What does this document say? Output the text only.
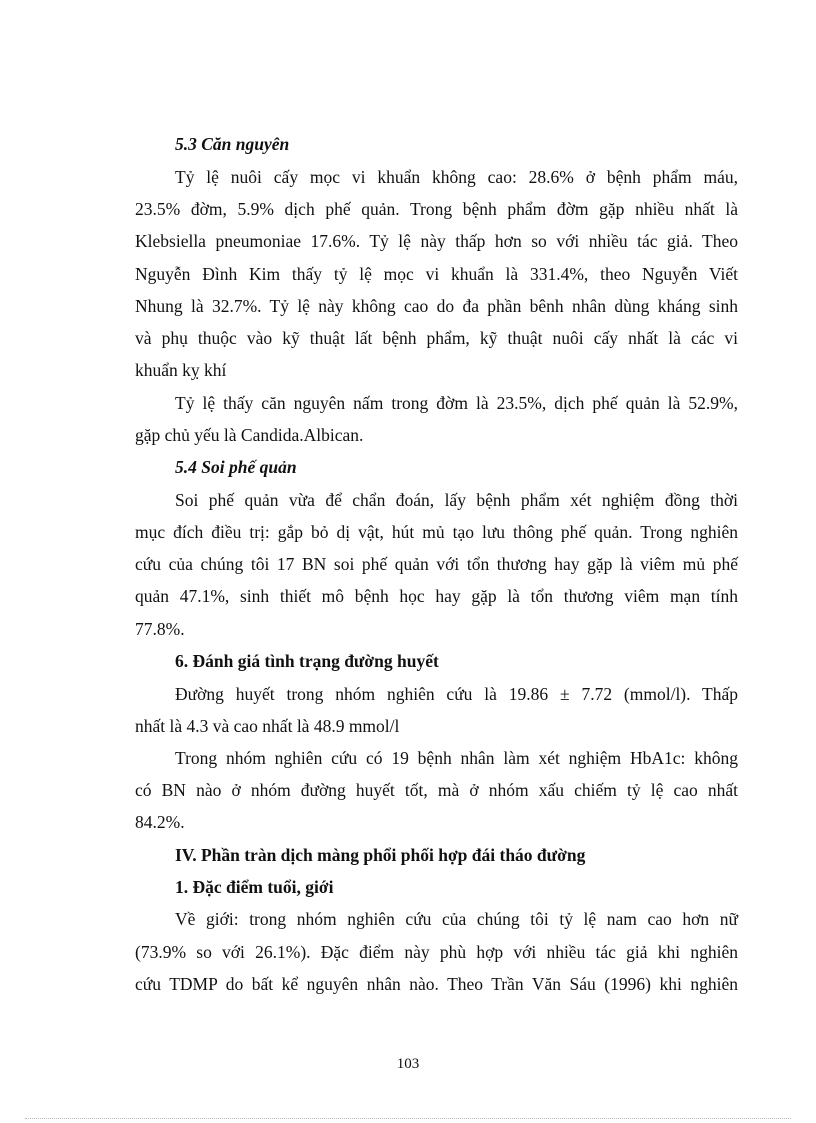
5.3 Căn nguyên
Tỷ lệ nuôi cấy mọc vi khuẩn không cao: 28.6% ở bệnh phẩm máu,
23.5% đờm, 5.9% dịch phế quản. Trong bệnh phẩm đờm gặp nhiều nhất là
Klebsiella pneumoniae 17.6%. Tỷ lệ này thấp hơn so với nhiều tác giả. Theo
Nguyễn Đình Kim thấy tỷ lệ mọc vi khuẩn là 331.4%, theo Nguyễn Viết
Nhung là 32.7%. Tỷ lệ này không cao do đa phần bênh nhân dùng kháng sinh
và phụ thuộc vào kỹ thuật lất bệnh phẩm, kỹ thuật nuôi cấy nhất là các vi
khuẩn kỵ khí
Tỷ lệ thấy căn nguyên nấm trong đờm là 23.5%, dịch phế quản là 52.9%,
gặp chủ yếu là Candida.Albican.
5.4 Soi phế quản
Soi phế quản vừa để chẩn đoán, lấy bệnh phẩm xét nghiệm đồng thời
mục đích điều trị: gắp bỏ dị vật, hút mủ tạo lưu thông phế quản. Trong nghiên
cứu của chúng tôi 17 BN soi phế quản với tổn thương hay gặp là viêm mủ phế
quản 47.1%, sinh thiết mô bệnh học hay gặp là tổn thương viêm mạn tính
77.8%.
6. Đánh giá tình trạng đường huyết
Đường huyết trong nhóm nghiên cứu là 19.86 ± 7.72 (mmol/l). Thấp
nhất là 4.3 và cao nhất là 48.9 mmol/l
Trong nhóm nghiên cứu có 19 bệnh nhân làm xét nghiệm HbA1c: không
có BN nào ở nhóm đường huyết tốt, mà ở nhóm xấu chiếm tỷ lệ cao nhất
84.2%.
IV. Phần tràn dịch màng phổi phối hợp đái tháo đường
1. Đặc điểm tuổi, giới
Về giới: trong nhóm nghiên cứu của chúng tôi tỷ lệ nam cao hơn nữ
(73.9% so với 26.1%). Đặc điểm này phù hợp với nhiều tác giả khi nghiên
cứu TDMP do bất kể nguyên nhân nào. Theo Trần Văn Sáu (1996) khi nghiên
103
